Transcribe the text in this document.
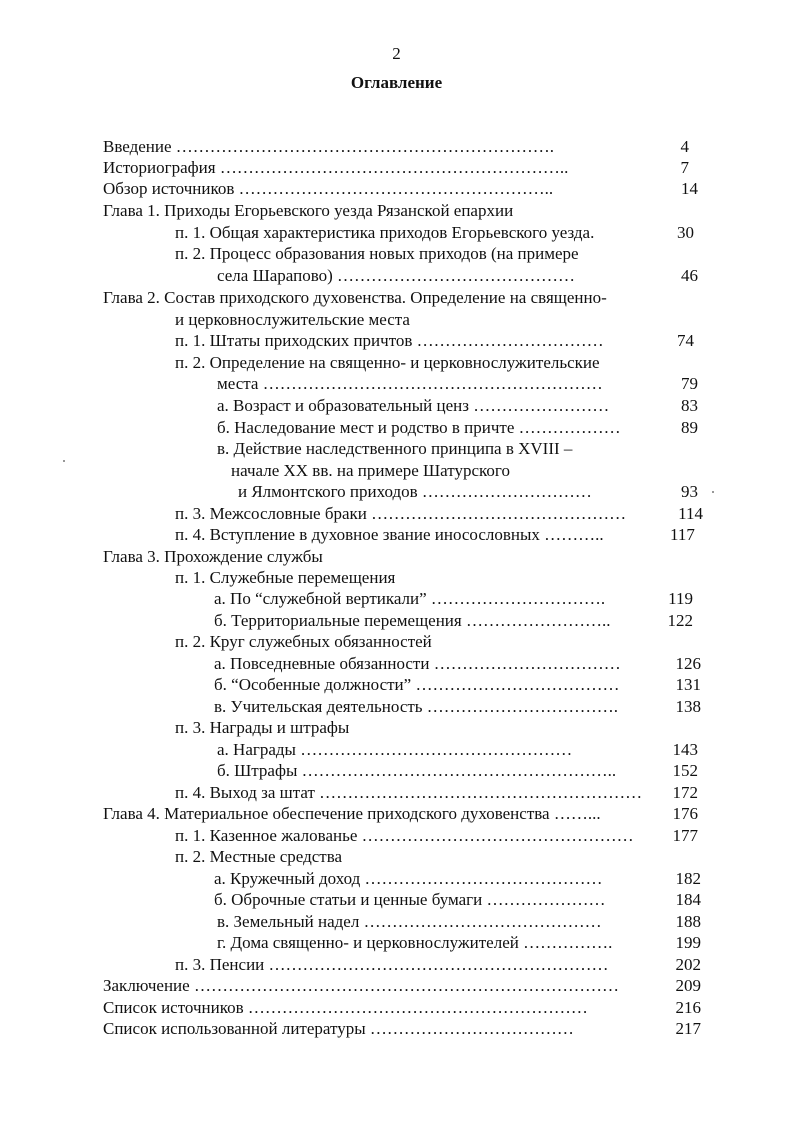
2
Оглавление
Введение ………………………………………………………….	4
Историография ……………………………………………………..	7
Обзор источников ………………………………………………..	14
Глава 1. Приходы Егорьевского уезда Рязанской епархии
п. 1. Общая характеристика приходов Егорьевского уезда.	30
п. 2. Процесс образования новых приходов (на примере
села Шарапово) ……………………………………	46
Глава 2. Состав приходского духовенства. Определение на священно-
и церковнослужительские места
п. 1. Штаты приходских причтов ……………………………	74
п. 2. Определение на священно- и церковнослужительские
места ……………………………………………………	79
а. Возраст и образовательный ценз ……………………	83
б. Наследование мест и родство в причте ………………	89
в. Действие наследственного принципа в XVIII –
начале XX вв. на примере Шатурского
и Ялмонтского приходов …………………………	93
п. 3. Межсословные браки ………………………………………	114
п. 4. Вступление в духовное звание иносословных ………..	117
Глава 3. Прохождение службы
п. 1. Служебные перемещения
а. По “служебной вертикали” ………………………….	119
б. Территориальные перемещения ……………………..	122
п. 2. Круг служебных обязанностей
а. Повседневные обязанности ……………………………	126
б. “Особенные должности” ………………………………	131
в. Учительская деятельность …………………………….	138
п. 3. Награды и штрафы
а. Награды …………………………………………	143
б. Штрафы ………………………………………………..	152
п. 4. Выход за штат ………………………………………………… 172
Глава 4. Материальное обеспечение приходского духовенства ……...	176
п. 1. Казенное жалованье ………………………………………… 177
п. 2. Местные средства
а. Кружечный доход ……………………………………	182
б. Оброчные статьи и ценные бумаги …………………	184
в. Земельный надел ……………………………………	188
г. Дома священно- и церковнослужителей …………….	199
п. 3. Пенсии ……………………………………………………	202
Заключение …………………………………………………………………	209
Список источников ……………………………………………………	216
Список использованной литературы ………………………………	217
